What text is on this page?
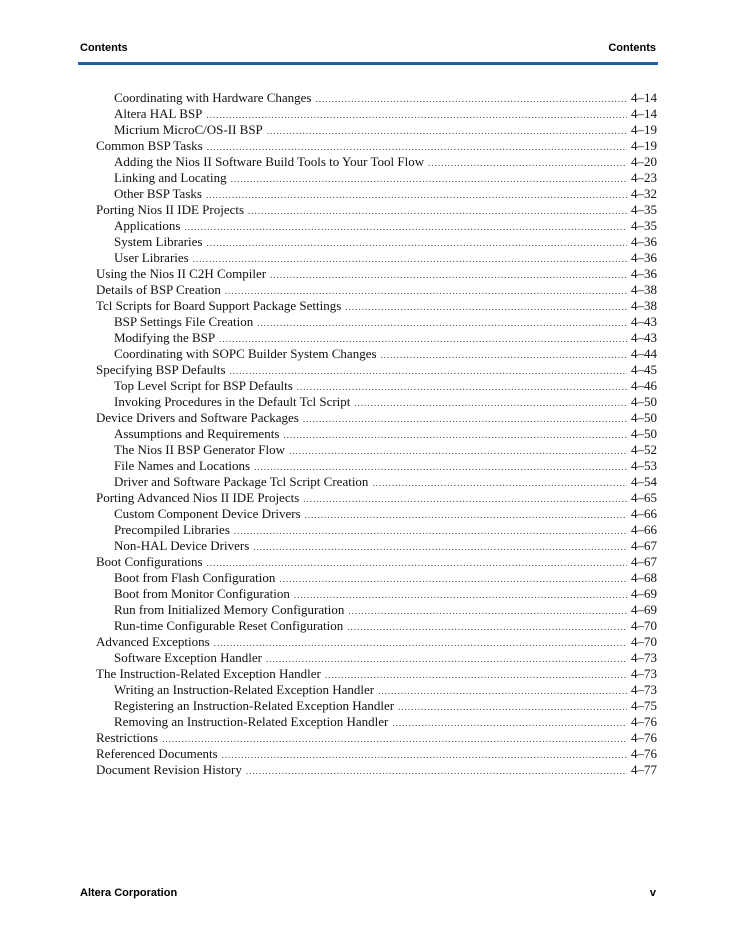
Contents	Contents
Coordinating with Hardware Changes .....	4–14
Altera HAL BSP .....	4–14
Micrium MicroC/OS-II BSP .....	4–19
Common BSP Tasks .....	4–19
Adding the Nios II Software Build Tools to Your Tool Flow .....	4–20
Linking and Locating .....	4–23
Other BSP Tasks .....	4–32
Porting Nios II IDE Projects .....	4–35
Applications .....	4–35
System Libraries .....	4–36
User Libraries .....	4–36
Using the Nios II C2H Compiler .....	4–36
Details of BSP Creation .....	4–38
Tcl Scripts for Board Support Package Settings .....	4–38
BSP Settings File Creation .....	4–43
Modifying the BSP .....	4–43
Coordinating with SOPC Builder System Changes .....	4–44
Specifying BSP Defaults .....	4–45
Top Level Script for BSP Defaults .....	4–46
Invoking Procedures in the Default Tcl Script .....	4–50
Device Drivers and Software Packages .....	4–50
Assumptions and Requirements .....	4–50
The Nios II BSP Generator Flow .....	4–52
File Names and Locations .....	4–53
Driver and Software Package Tcl Script Creation .....	4–54
Porting Advanced Nios II IDE Projects .....	4–65
Custom Component Device Drivers .....	4–66
Precompiled Libraries .....	4–66
Non-HAL Device Drivers .....	4–67
Boot Configurations .....	4–67
Boot from Flash Configuration .....	4–68
Boot from Monitor Configuration .....	4–69
Run from Initialized Memory Configuration .....	4–69
Run-time Configurable Reset Configuration .....	4–70
Advanced Exceptions .....	4–70
Software Exception Handler .....	4–73
The Instruction-Related Exception Handler .....	4–73
Writing an Instruction-Related Exception Handler .....	4–73
Registering an Instruction-Related Exception Handler .....	4–75
Removing an Instruction-Related Exception Handler .....	4–76
Restrictions .....	4–76
Referenced Documents .....	4–76
Document Revision History .....	4–77
Altera Corporation	v
